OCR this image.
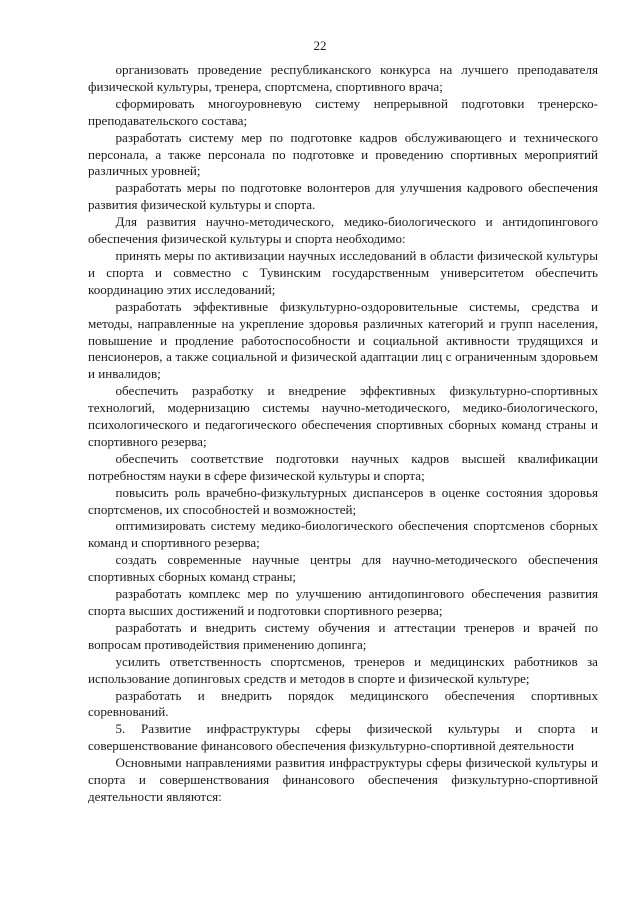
22

организовать проведение республиканского конкурса на лучшего преподавателя физической культуры, тренера, спортсмена, спортивного врача;

сформировать многоуровневую систему непрерывной подготовки тренерско-преподавательского состава;

разработать систему мер по подготовке кадров обслуживающего и технического персонала, а также персонала по подготовке и проведению спортивных мероприятий различных уровней;

разработать меры по подготовке волонтеров для улучшения кадрового обеспечения развития физической культуры и спорта.

Для развития научно-методического, медико-биологического и антидопингового обеспечения физической культуры и спорта необходимо:

принять меры по активизации научных исследований в области физической культуры и спорта и совместно с Тувинским государственным университетом обеспечить координацию этих исследований;

разработать эффективные физкультурно-оздоровительные системы, средства и методы, направленные на укрепление здоровья различных категорий и групп населения, повышение и продление работоспособности и социальной активности трудящихся и пенсионеров, а также социальной и физической адаптации лиц с ограниченным здоровьем и инвалидов;

обеспечить разработку и внедрение эффективных физкультурно-спортивных технологий, модернизацию системы научно-методического, медико-биологического, психологического и педагогического обеспечения спортивных сборных команд страны и спортивного резерва;

обеспечить соответствие подготовки научных кадров высшей квалификации потребностям науки в сфере физической культуры и спорта;

повысить роль врачебно-физкультурных диспансеров в оценке состояния здоровья спортсменов, их способностей и возможностей;

оптимизировать систему медико-биологического обеспечения спортсменов сборных команд и спортивного резерва;

создать современные научные центры для научно-методического обеспечения спортивных сборных команд страны;

разработать комплекс мер по улучшению антидопингового обеспечения развития спорта высших достижений и подготовки спортивного резерва;

разработать и внедрить систему обучения и аттестации тренеров и врачей по вопросам противодействия применению допинга;

усилить ответственность спортсменов, тренеров и медицинских работников за использование допинговых средств и методов в спорте и физической культуре;

разработать и внедрить порядок медицинского обеспечения спортивных соревнований.

5. Развитие инфраструктуры сферы физической культуры и спорта и совершенствование финансового обеспечения физкультурно-спортивной деятельности

Основными направлениями развития инфраструктуры сферы физической культуры и спорта и совершенствования финансового обеспечения физкультурно-спортивной деятельности являются:
